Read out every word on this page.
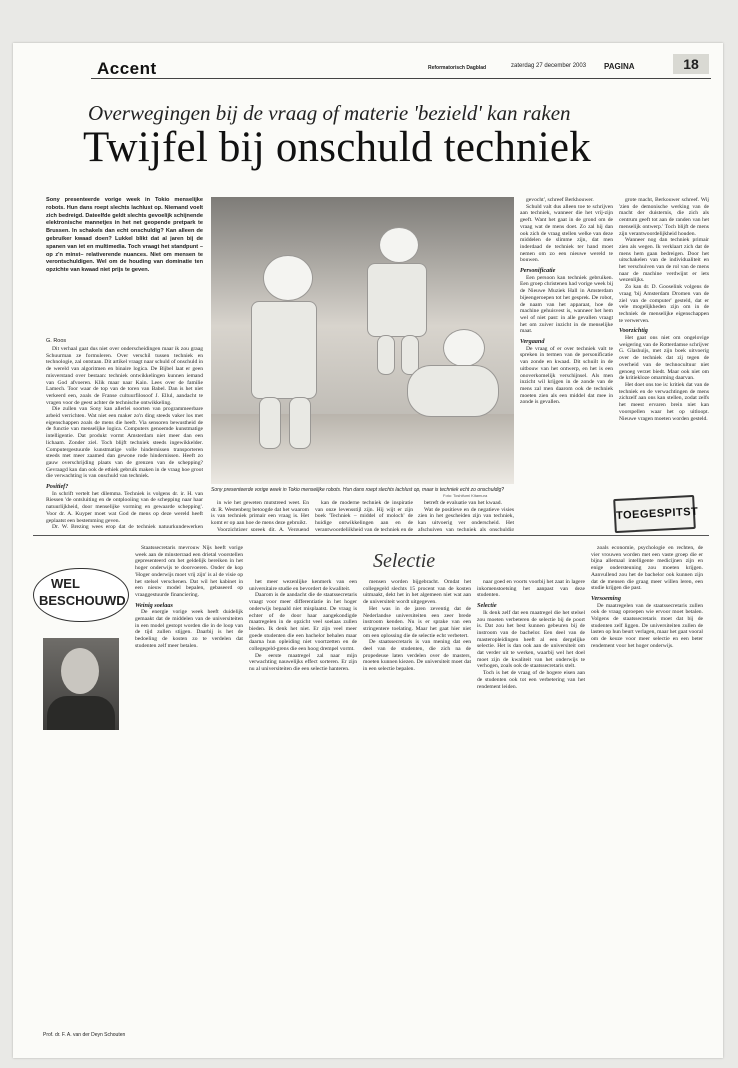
Accent	Reformatorisch Dagblad	zaterdag 27 december 2003 PAGINA	18
Overwegingen bij de vraag of materie 'bezield' kan raken
Twijfel bij onschuld techniek
Sony presenteerde vorige week in Tokio menselijke robots. Hun dans roept slechts lachlust op. Niemand voelt zich bedreigd. Dateelfde geldt slechts gevoelijk schijnende elektronische mannetjes in het net geopende pretpark te Brussen. In schakels dan echt onschuldig? Kan alleen de gebruiker kwaad doen? Lukkel blikt dat al jaren bij de spanen van iet en multimedia. Toch vraagt het standpunt –op z'n minst– relativerende nuances. Niet om mensen te verontschuldigen. Wel om de houding van dominatie ten opzichte van kwaad niet prijs te geven.
G. Roos
Sony presenteerde vorige week in Tokio menselijke robots. Hun dans roept slechts lachlust op, maar is techniek echt zo onschuldig?
Foto: Toshifumi Kitamura

Dit verhaal gaat dus niet over onderscheidingen maar ik zou graag Schuurman ze formuleren. Over verschil tussen techniek en technologie, zal ontstaan. Dit artikel vraagt naar schuld of onschuld in de wereld van algoritmen en binaire logica. De Bijbel laat er geen misverstand over bestaan: techniek ontwikkelingen kunnen iemand van God afvoeren. Klik maar naar Kain. Lees over de familie Lamech. Toor waar de top van de toren van Babel. Dan is het niet verkeerd een, zoals de Franse cultuurfilosoof J. Ellul, aandacht te vragen voor de geest achter de technische ontwikkeling.

Die zullen van Sony kan allerlei soorten van programmeerbare arbeid verrichten. Wat niet een maker zo'n ding steeds vaker los met eigenschappen zoals de mens die heeft. Via sensoren bewustheid de de functie van menselijke logica. Computers genoemde kunstmatige intelligentie. Dat produkt vormt Amsterdam niet meer dan een lichaam. Zonder ziel. Toch blijft techniek steeds ingewikkelder. Computergestuurde kunstmatige volle hindernissen transporteren steeds met meer zaamed dan gewone rode hindernissen. Heeft zo gauw overschrijding plaats van de grenzen van de schepping? Gevraagd kan dan ook de ethiek gebruik maken in de vraag hoe groot die verwachting is van onschuld van techniek.

Positief?

In schrift vertelt het dilemma. Techniek is volgens dr. ir. H. van Riessen 'de ontsluiting en de ontplooiing van de schepping naar haar natuurlijkheid, door menselijke vorming en gewaarde schepping'. Voor dr. A. Kuyper moet wat God de mens op deze wereld heeft geplaatst een bestemming geven.

Dr. W. Brezing wees erop dat de techniek natuurkundewerken

in wie het geweten mutstreed weet. En dr. R. Westenberg betoogde dat het waarom is van techniek primair een vraag is. Het komt er op aan hoe de mens deze gebruikt.

Voorzichtiger spreek dit. A. Verguend

kan de moderne techniek de inspiratie van onze levensstijl zijn. Hij wijt er zijn boek 'Techniek – middel of moloch' de huidige ontwikkelingen aan en de verantwoordelijkheid van de techniek en de

betreft de evaluatie van het kwaad.

Wat de positieve en de negatieve visies zien in het gescheiden zijn van techniek, kan uitvoerig ver onderscheid. Het afschuiven van techniek als onschuldig

gevocht', schreef Berkhouwer.

Schuld valt dus alleen toe te schrijven aan techniek, wanneer die het vrij-zijn geeft. Want het gaat in de grond om de vraag wat de mens doet. Zo zal hij dan ook zich de vraag stellen welke van deze middelen de slimme zijn, dat men inderdaad de techniek ter hand moet nemen om zo een nieuwe wereld te bouwen.

Personificatie

Een persoon kan techniek gebruiken. Een groep christenen had vorige week bij de Nieuwe Muziek Hall in Amsterdam bijeengeroepen tot het gesprek. De robot, de naam van het apparaat, hoe de machine gehuisvest is, wanneer het hem wel of niet past: in alle gevallen vraagt het om zuiver inzicht in de menselijke maat.

Vergaand

De vraag of er over techniek valt te spreken in termen van de personificatie van zonde en kwaad. Dit schuilt in de uitbouw van het ontwerp, en het is een onoverkomelijk verschijnsel. Als men inzicht wil krijgen in de zonde van de mens zal men daarom ook de techniek moeten zien als een middel dat mee in zonde is gevallen.

grote macht, Berkouwer schreef. Wij 'zien de demonische werking van de macht der duisternis, die zich als centrum geeft tot aan de randen van het menselijk ontwerp.' Toch blijft de mens zijn verantwoordelijkheid houden.

Wanneer nog dan techniek primair zien als wegen. Ik verklaart zich dat de mens hem gaan bedreigen. Door het uitschakelen van de individualiteit en het verschuiven van de rol van de mens naar de machine verdwijnt er iets wezenlijks.

Zo kan dr. D. Gooselink volgens de vraag 'bij Amsterdam Dromen van de ziel van de computer' gesteld, dat er vele mogelijkheden zijn om in de techniek de menselijke eigenschappen te verwerven.

Voorzichtig

Het gaat ons niet om ongelovige weigering van de Rotterdamse schrijver G. Glashuijs, met zijn boek uitvoerig over de techniek dat zij tegen de overheid van de technocultuur niet genoeg verzet biedt. Maar ook niet om de kritiekloze omarming daarvan.

Het doet ons toe is: kritiek dat van de techniek en de verwachtingen de mens zichzelf aan ons kan stellen, zodat zelfs het meest ervaren brein niet kan voorspellen waar het op uitloopt. Nieuwe vragen moeten worden gesteld.

TOEGESPITST
WEL
BESCHOUWD
Prof. dr. F. A. van der Deyn Schouten
Selectie

Staatssecretaris mevrouw Nijs heeft vorige week aan de minsterraad een drietal voorstellen gepresenteerd om het geldelijk bereiken in het hoger onderwijs te doorvoeren. Onder de kop 'Hoger onderwijs moet vrij zijn' is al de visie op het stelsel verschenen. Dat wil het kabinet in een nieuw model bepalen, gebaseerd op vraaggestuurde financiering.

Weinig soelaas

De energie vorige week heeft duidelijk gemaakt dat de middelen van de universiteiten in een model gestopt worden die in de loop van de tijd zullen stijgen. Daarbij is het de bedoeling de kosten zo te verdelen dat studenten zelf meer betalen.

het meer wezenlijke kenmerk van een universitaire studie en bevordert de kwaliteit.

Daarom is de aandacht die de staatssecretaris vraagt voor meer differentiatie in het hoger onderwijs bepaald niet misplaatst. De vraag is echter of de door haar aangekondigde maatregelen in de opzicht veel soelaas zullen bieden. Ik denk het niet. Er zijn veel meer goede studenten die een bachelor behalen maar daarna hun opleiding niet voortzetten en de collegegeld-grens die een hoog drempel vormt.

De eerste maatregel zal naar mijn verwachting nauwelijks effect sorteren. Er zijn nu al universiteiten die een selectie hanteren.

mensen worden bijgebracht. Omdat het collegegeld slechts 15 procent van de kosten uitmaakt, dekt het in het algemeen niet wat aan de universiteit wordt uitgegeven.

Het was in de jaren zeventig dat de Nederlandse universiteiten een zeer brede instroom kenden. Nu is er sprake van een stringentere toelating. Maar het gaat hier niet om een oplossing die de selectie echt verbetert.

De staatssecretaris is van mening dat een deel van de studenten, die zich na de propedeuse laten verdelen over de masters, moeten kunnen kiezen. De universiteit moet dat in een selectie bepalen.

naar goed en voorts voorbij het zaat in lagere inkomenstoetsing het aanpast van deze studenten.

Selectie

Ik denk zelf dat een maatregel die het stelsel zou moeten verbeteren de selectie bij de poort is. Dat zou het best kunnen gebeuren bij de instroom van de bachelor. Een deel van de masteropleidingen heeft al een dergelijke selectie. Het is dan ook aan de universiteit om dat verder uit te werken, waarbij wel het doel moet zijn de kwaliteit van het onderwijs te verhogen, zoals ook de staatssecretaris stelt.

Toch is het de vraag of de hogere eisen aan de studenten ook tot een verbetering van het rendement leiden.

zoals economie, psychologie en rechten, de vier vrouwen worden met een vaste groep die er bijna allemaal intelligente medicijnen zijn en enige ondersteuning zou moeten krijgen. Aanvullend zou het de bachelor ook kunnen zijn dat de mensen die graag meer willen leren, een studie krijgen die past.

Versoeming

De maatregelen van de staatssecretaris zullen ook de vraag oproepen wie ervoor moet betalen. Volgens de staatssecretaris moet dat bij de studenten zelf liggen. De universiteiten zullen de lasten op hun beurt verlagen, maar het gaat vooral om de keuze voor meer selectie en een beter rendement voor het hoger onderwijs.
